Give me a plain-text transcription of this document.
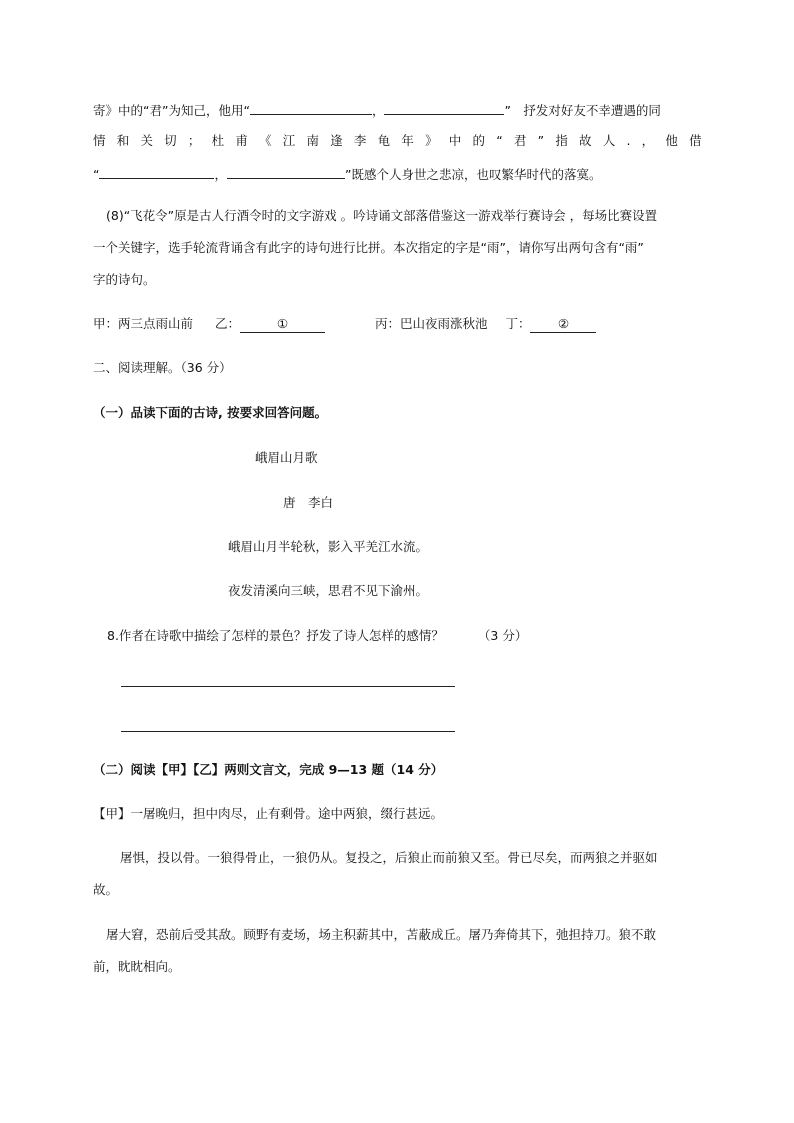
寄》中的“君”为知己，他用“	，	”　抒发对好友不幸遭遇的同
情 和 关 切 ； 杜 甫 《 江 南 逢 李 龟 年 》 中 的 “ 君 ” 指 故 人 . ， 他 借
“	，	”既感个人身世之悲凉，也叹繁华时代的落寞。
(8)“飞花令”原是古人行酒令时的文字游戏 。吟诗诵文部落借鉴这一游戏举行赛诗会 ，每场比赛设置
一个关键字，选手轮流背诵含有此字的诗句进行比拼。本次指定的字是“雨”，请你写出两句含有“雨”
字的诗句。
甲：两三点雨山前 乙：	①	丙：巴山夜雨涨秋池 丁： ②
二、阅读理解。（36 分）
（一）品读下面的古诗, 按要求回答问题。
峨眉山月歌
唐　李白
峨眉山月半轮秋，影入平羌江水流。
夜发清溪向三峡，思君不见下渝州。
8.作者在诗歌中描绘了怎样的景色？抒发了诗人怎样的感情？	（3 分）
（二）阅读【甲】【乙】两则文言文，完成 9—13 题（14 分）
【甲】一屠晚归，担中肉尽，止有剩骨。途中两狼，缀行甚远。
屠惧，投以骨。一狼得骨止，一狼仍从。复投之，后狼止而前狼又至。骨已尽矣，而两狼之并驱如
故。
屠大窘，恐前后受其敌。顾野有麦场，场主积薪其中，苫蔽成丘。屠乃奔倚其下，弛担持刀。狼不敢
前，眈眈相向。
